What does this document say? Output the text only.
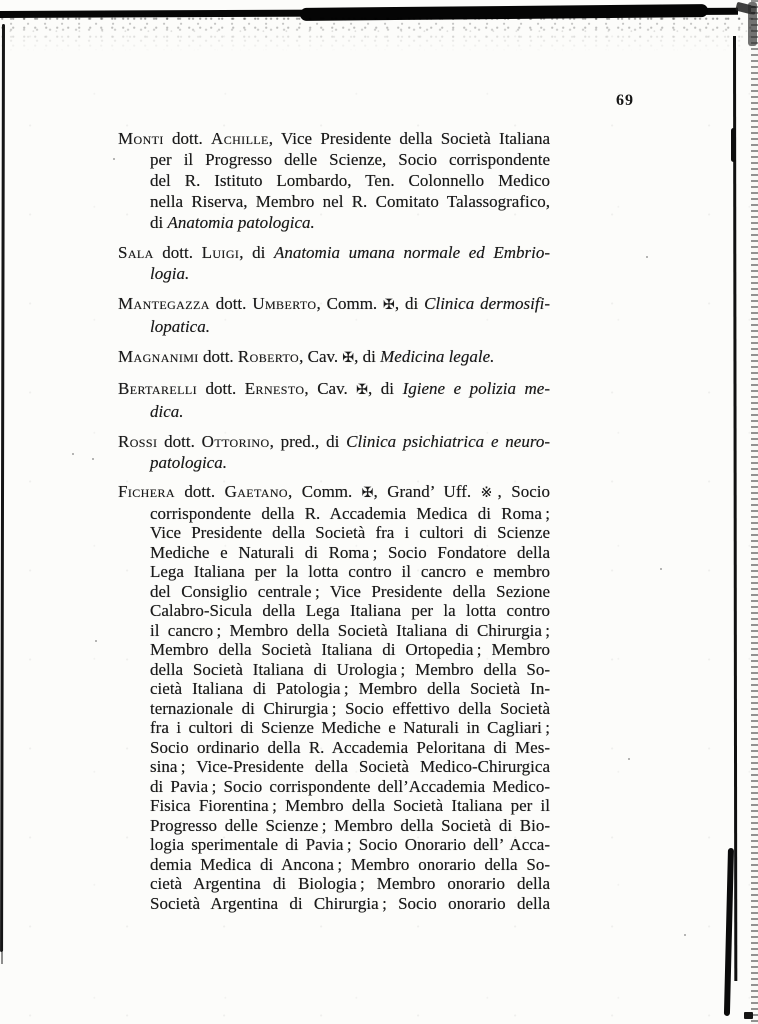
69
Monti dott. Achille, Vice Presidente della Società Italiana
per il Progresso delle Scienze, Socio corrispondente
del R. Istituto Lombardo, Ten. Colonnello Medico
nella Riserva, Membro nel R. Comitato Talassografico,
di Anatomia patologica.
Sala dott. Luigi, di Anatomia umana normale ed Embrio-
logia.
Mantegazza dott. Umberto, Comm. ✠, di Clinica dermosifi-
lopatica.
Magnanimi dott. Roberto, Cav. ✠, di Medicina legale.
Bertarelli dott. Ernesto, Cav. ✠, di Igiene e polizia me-
dica.
Rossi dott. Ottorino, pred., di Clinica psichiatrica e neuro-
patologica.
Fichera dott. Gaetano, Comm. ✠, Grand’ Uff. ※, Socio
corrispondente della R. Accademia Medica di Roma ;
Vice Presidente della Società fra i cultori di Scienze
Mediche e Naturali di Roma ; Socio Fondatore della
Lega Italiana per la lotta contro il cancro e membro
del Consiglio centrale ; Vice Presidente della Sezione
Calabro-Sicula della Lega Italiana per la lotta contro
il cancro ; Membro della Società Italiana di Chirurgia ;
Membro della Società Italiana di Ortopedia ; Membro
della Società Italiana di Urologia ; Membro della So-
cietà Italiana di Patologia ; Membro della Società In-
ternazionale di Chirurgia ; Socio effettivo della Società
fra i cultori di Scienze Mediche e Naturali in Cagliari ;
Socio ordinario della R. Accademia Peloritana di Mes-
sina ; Vice-Presidente della Società Medico-Chirurgica
di Pavia ; Socio corrispondente dell’Accademia Medico-
Fisica Fiorentina ; Membro della Società Italiana per il
Progresso delle Scienze ; Membro della Società di Bio-
logia sperimentale di Pavia ; Socio Onorario dell’ Acca-
demia Medica di Ancona ; Membro onorario della So-
cietà Argentina di Biologia ; Membro onorario della
Società Argentina di Chirurgia ; Socio onorario della
